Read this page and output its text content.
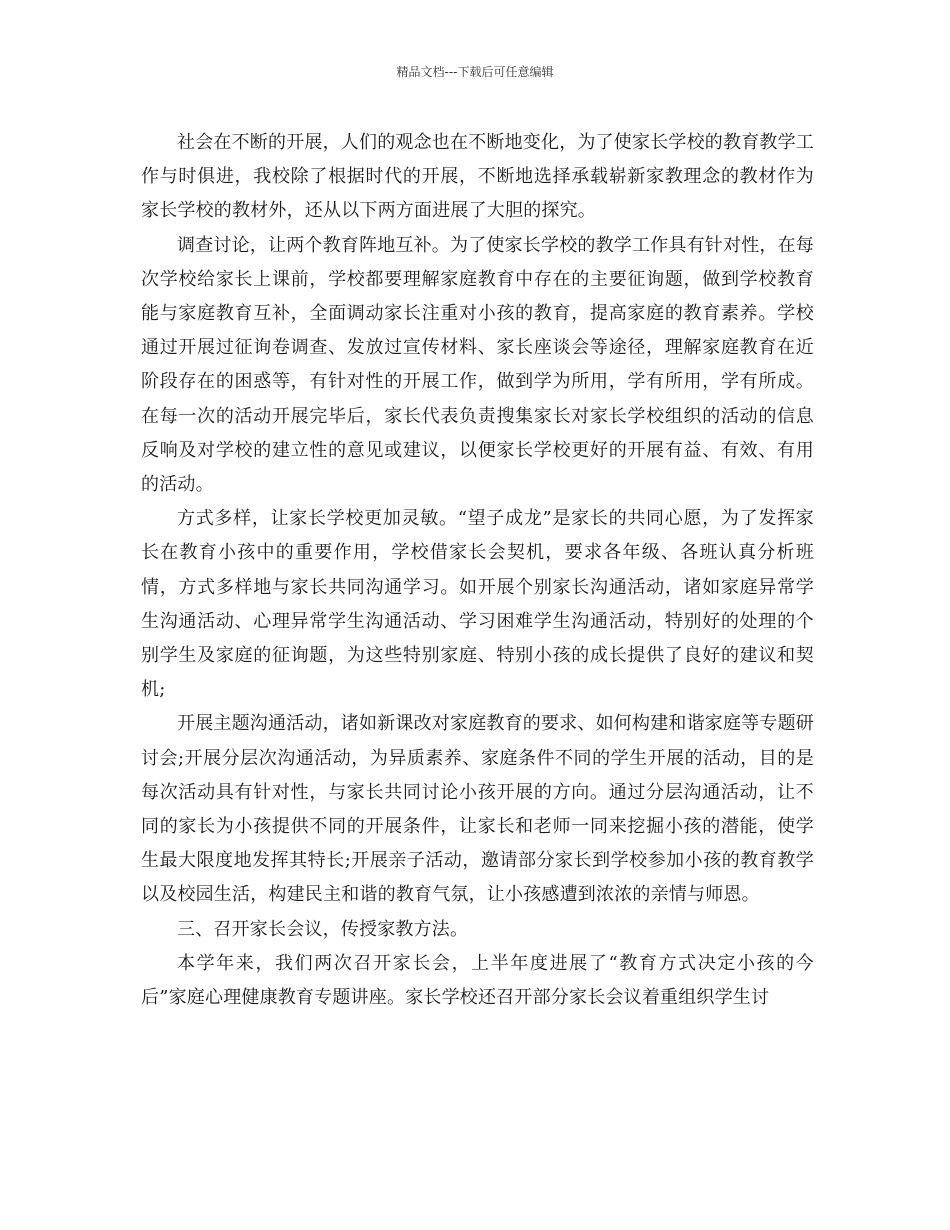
精品文档---下载后可任意编辑

社会在不断的开展，人们的观念也在不断地变化，为了使家长学校的教育教学工作与时俱进，我校除了根据时代的开展，不断地选择承载崭新家教理念的教材作为家长学校的教材外，还从以下两方面进展了大胆的探究。

调查讨论，让两个教育阵地互补。为了使家长学校的教学工作具有针对性，在每次学校给家长上课前，学校都要理解家庭教育中存在的主要征询题，做到学校教育能与家庭教育互补，全面调动家长注重对小孩的教育，提高家庭的教育素养。学校通过开展过征询卷调查、发放过宣传材料、家长座谈会等途径，理解家庭教育在近阶段存在的困惑等，有针对性的开展工作，做到学为所用，学有所用，学有所成。在每一次的活动开展完毕后，家长代表负责搜集家长对家长学校组织的活动的信息反响及对学校的建立性的意见或建议，以便家长学校更好的开展有益、有效、有用的活动。

方式多样，让家长学校更加灵敏。“望子成龙”是家长的共同心愿，为了发挥家长在教育小孩中的重要作用，学校借家长会契机，要求各年级、各班认真分析班情，方式多样地与家长共同沟通学习。如开展个别家长沟通活动，诸如家庭异常学生沟通活动、心理异常学生沟通活动、学习困难学生沟通活动，特别好的处理的个别学生及家庭的征询题，为这些特别家庭、特别小孩的成长提供了良好的建议和契机;

开展主题沟通活动，诸如新课改对家庭教育的要求、如何构建和谐家庭等专题研讨会;开展分层次沟通活动，为异质素养、家庭条件不同的学生开展的活动，目的是每次活动具有针对性，与家长共同讨论小孩开展的方向。通过分层沟通活动，让不同的家长为小孩提供不同的开展条件，让家长和老师一同来挖掘小孩的潜能，使学生最大限度地发挥其特长;开展亲子活动，邀请部分家长到学校参加小孩的教育教学以及校园生活，构建民主和谐的教育气氛，让小孩感遭到浓浓的亲情与师恩。

三、召开家长会议，传授家教方法。

本学年来，我们两次召开家长会，上半年度进展了“教育方式决定小孩的今后”家庭心理健康教育专题讲座。家长学校还召开部分家长会议着重组织学生讨
